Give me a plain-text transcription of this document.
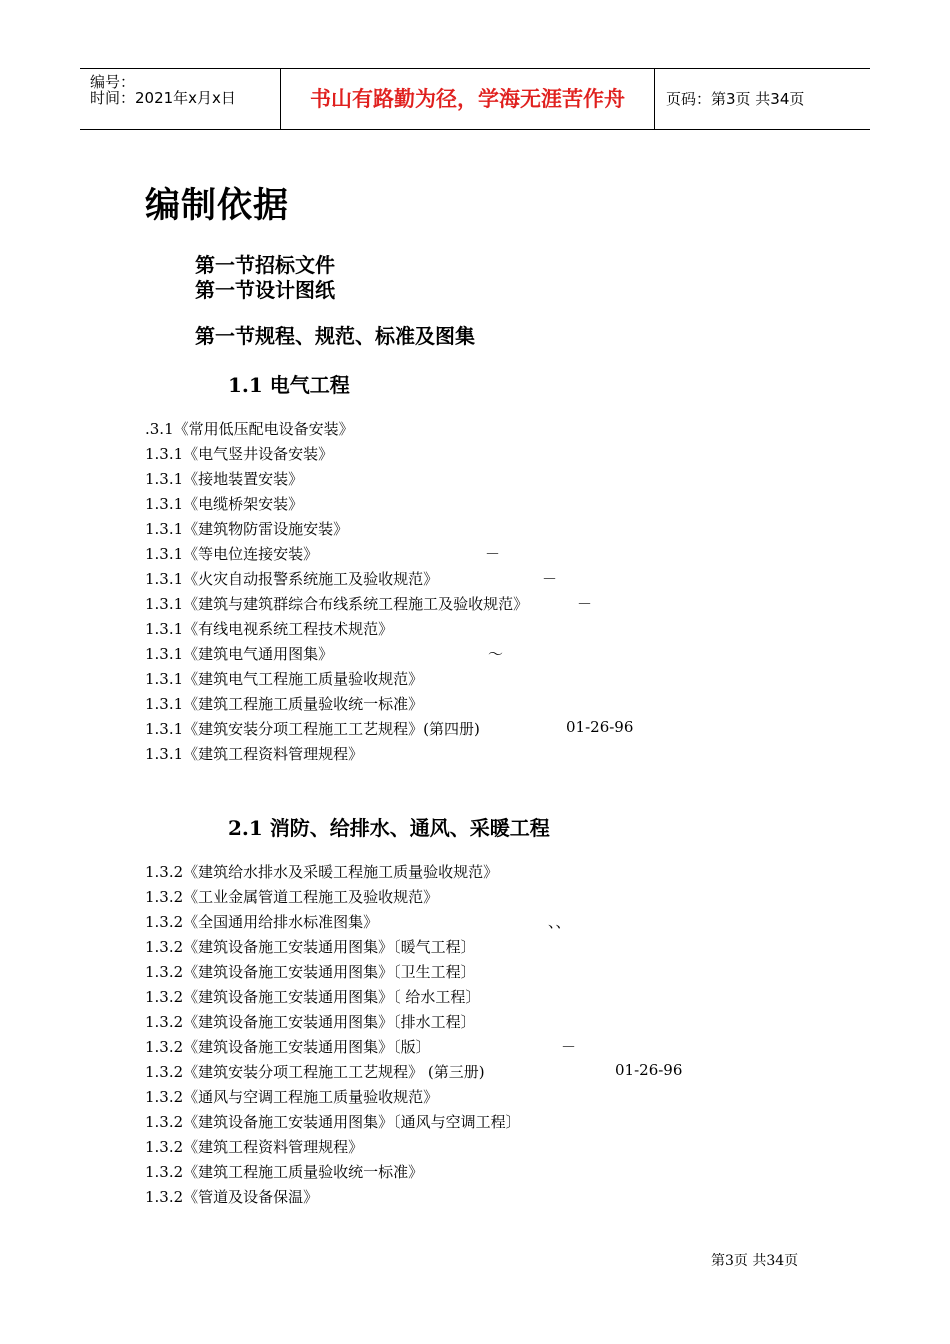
编号：
时间：2021年x月x日	书山有路勤为径，学海无涯苦作舟	页码：第3页 共34页
编制依据
第一节招标文件
第一节设计图纸
第一节规程、规范、标准及图集
1.1 电气工程
.3.1《常用低压配电设备安装》
1.3.1《电气竖井设备安装》
1.3.1《接地装置安装》
1.3.1《电缆桥架安装》
1.3.1《建筑物防雷设施安装》
1.3.1《等电位连接安装》
1.3.1《火灾自动报警系统施工及验收规范》
1.3.1《建筑与建筑群综合布线系统工程施工及验收规范》
1.3.1《有线电视系统工程技术规范》
1.3.1《建筑电气通用图集》
1.3.1《建筑电气工程施工质量验收规范》
1.3.1《建筑工程施工质量验收统一标准》
1.3.1《建筑安装分项工程施工工艺规程》(第四册)
1.3.1《建筑工程资料管理规程》
－
－
－
～
01-26-96
2.1 消防、给排水、通风、采暖工程
1.3.2《建筑给水排水及采暖工程施工质量验收规范》
1.3.2《工业金属管道工程施工及验收规范》
1.3.2《全国通用给排水标准图集》
1.3.2《建筑设备施工安装通用图集》〔暖气工程〕
1.3.2《建筑设备施工安装通用图集》〔卫生工程〕
1.3.2《建筑设备施工安装通用图集》〔 给水工程〕
1.3.2《建筑设备施工安装通用图集》〔排水工程〕
1.3.2《建筑设备施工安装通用图集》〔版〕
1.3.2《建筑安装分项工程施工工艺规程》 (第三册)
1.3.2《通风与空调工程施工质量验收规范》
1.3.2《建筑设备施工安装通用图集》〔通风与空调工程〕
1.3.2《建筑工程资料管理规程》
1.3.2《建筑工程施工质量验收统一标准》
1.3.2《管道及设备保温》
、、
－
01-26-96
第3页 共34页
